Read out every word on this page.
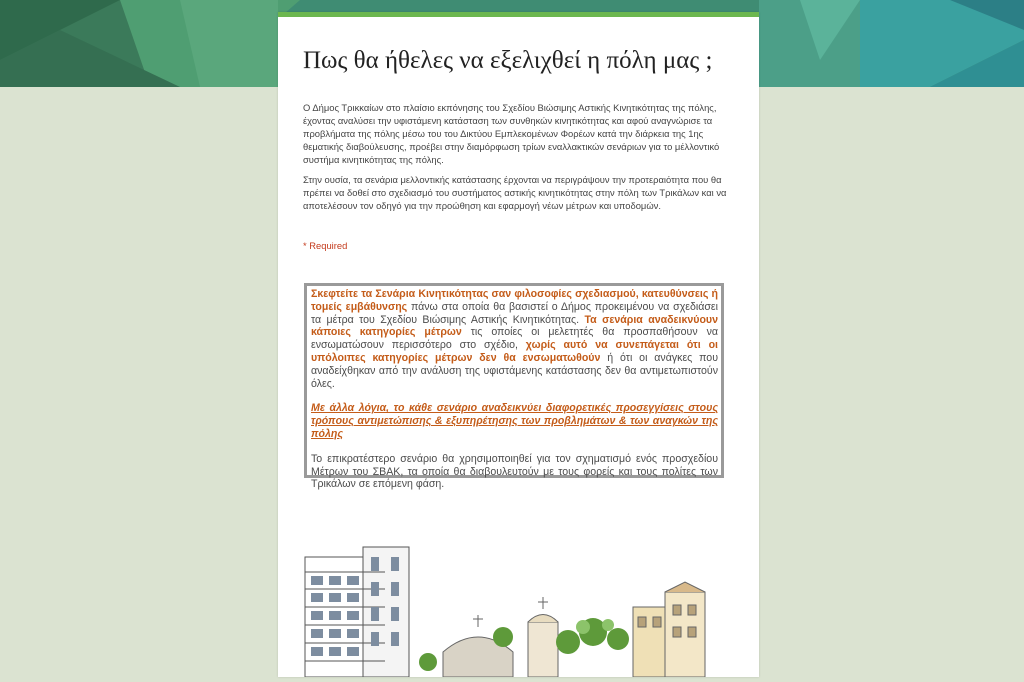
Πως θα ήθελες να εξελιχθεί η πόλη μας ;

Ο Δήμος Τρικκαίων στο πλαίσιο εκπόνησης του Σχεδίου Βιώσιμης Αστικής Κινητικότητας της πόλης, έχοντας αναλύσει την υφιστάμενη κατάσταση των συνθηκών κινητικότητας και αφού αναγνώρισε τα προβλήματα της πόλης μέσω του του Δικτύου Εμπλεκομένων Φορέων κατά την διάρκεια της 1ης θεματικής διαβούλευσης, προέβει στην διαμόρφωση τρίων εναλλακτικών σενάριων για το μέλλοντικό συστήμα κινητικότητας της πόλης.

Στην ουσία, τα σενάρια μελλοντικής κατάστασης έρχονται να περιγράψουν την προτεραιότητα που θα πρέπει να δοθεί στο σχεδιασμό του συστήματος αστικής κινητικότητας στην πόλη των Τρικάλων και να αποτελέσουν τον οδηγό για την προώθηση και εφαρμογή νέων μέτρων και υποδομών.

* Required

Σκεφτείτε τα Σενάρια Κινητικότητας σαν φιλοσοφίες σχεδιασμού, κατευθύνσεις ή τομείς εμβάθυνσης πάνω στα οποία θα βασιστεί ο Δήμος προκειμένου να σχεδιάσει τα μέτρα του Σχεδίου Βιώσιμης Αστικής Κινητικότητας. Τα σενάρια αναδεικνύουν κάποιες κατηγορίες μέτρων τις οποίες οι μελετητές θα προσπαθήσουν να ενσωματώσουν περισσότερο στο σχέδιο, χωρίς αυτό να συνεπάγεται ότι οι υπόλοιπες κατηγορίες μέτρων δεν θα ενσωματωθούν ή ότι οι ανάγκες που αναδείχθηκαν από την ανάλυση της υφιστάμενης κατάστασης δεν θα αντιμετωπιστούν όλες.

Με άλλα λόγια, το κάθε σενάριο αναδεικνύει διαφορετικές προσεγγίσεις στους τρόπους αντιμετώπισης & εξυπηρέτησης των προβλημάτων & των αναγκών της πόλης

Το επικρατέστερο σενάριο θα χρησιμοποιηθεί για τον σχηματισμό ενός προσχεδίου Μέτρων του ΣΒΑΚ, τα οποία θα διαβουλευτούν με τους φορείς και τους πολίτες των Τρικάλων σε επόμενη φάση.
